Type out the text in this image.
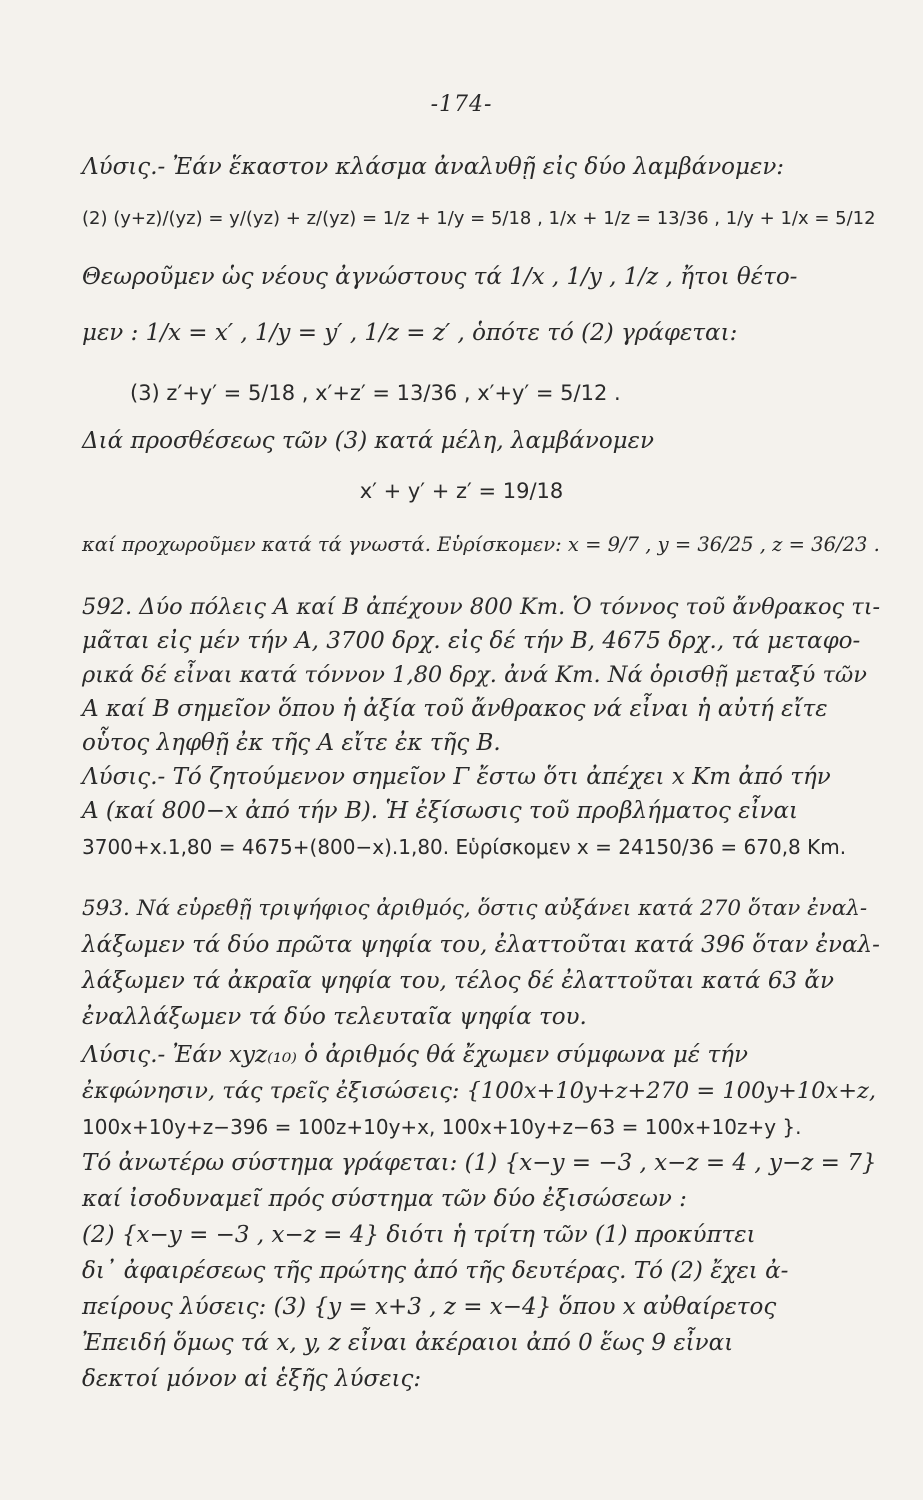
-174-
Λύσις.- Ἐάν ἕκαστον κλάσμα ἀναλυθῇ εἰς δύο λαμβάνομεν:
(2) (y+z)/(yz) = y/(yz) + z/(yz) = 1/z + 1/y = 5/18 , 1/x + 1/z = 13/36 , 1/y + 1/x = 5/12
Θεωροῦμεν ὡς νέους ἀγνώστους τά 1/x , 1/y , 1/z , ἤτοι θέτο-
μεν : 1/x = x′ , 1/y = y′ , 1/z = z′ , ὁπότε τό (2) γράφεται:
(3) z′+y′ = 5/18 , x′+z′ = 13/36 , x′+y′ = 5/12 .
Διά προσθέσεως τῶν (3) κατά μέλη, λαμβάνομεν
x′ + y′ + z′ = 19/18
καί προχωροῦμεν κατά τά γνωστά. Εὑρίσκομεν: x = 9/7 , y = 36/25 , z = 36/23 .
592. Δύο πόλεις Α καί Β ἀπέχουν 800 Km. Ὁ τόννος τοῦ ἄνθρακος τι-
μᾶται εἰς μέν τήν Α, 3700 δρχ. εἰς δέ τήν Β, 4675 δρχ., τά μεταφο-
ρικά δέ εἶναι κατά τόννον 1,80 δρχ. ἀνά Km. Νά ὁρισθῇ μεταξύ τῶν
Α καί Β σημεῖον ὅπου ἡ ἀξία τοῦ ἄνθρακος νά εἶναι ἡ αὐτή εἴτε
οὗτος ληφθῇ ἐκ τῆς Α εἴτε ἐκ τῆς Β.
Λύσις.- Τό ζητούμενον σημεῖον Γ ἔστω ὅτι ἀπέχει x Km ἀπό τήν
Α (καί 800−x ἀπό τήν Β). Ἡ ἐξίσωσις τοῦ προβλήματος εἶναι
3700+x.1,80 = 4675+(800−x).1,80. Εὑρίσκομεν x = 24150/36 = 670,8 Km.
593. Νά εὑρεθῇ τριψήφιος ἀριθμός, ὅστις αὐξάνει κατά 270 ὅταν ἐναλ-
λάξωμεν τά δύο πρῶτα ψηφία του, ἐλαττοῦται κατά 396 ὅταν ἐναλ-
λάξωμεν τά ἀκραῖα ψηφία του, τέλος δέ ἐλαττοῦται κατά 63 ἄν
ἐναλλάξωμεν τά δύο τελευταῖα ψηφία του.
Λύσις.- Ἐάν xyz₍₁₀₎ ὁ ἀριθμός θά ἔχωμεν σύμφωνα μέ τήν
ἐκφώνησιν, τάς τρεῖς ἐξισώσεις: {100x+10y+z+270 = 100y+10x+z,
100x+10y+z−396 = 100z+10y+x, 100x+10y+z−63 = 100x+10z+y }.
Τό ἀνωτέρω σύστημα γράφεται: (1) {x−y = −3 , x−z = 4 , y−z = 7}
καί ἰσοδυναμεῖ πρός σύστημα τῶν δύο ἐξισώσεων :
(2) {x−y = −3 , x−z = 4} διότι ἡ τρίτη τῶν (1) προκύπτει
δι᾽ ἀφαιρέσεως τῆς πρώτης ἀπό τῆς δευτέρας. Τό (2) ἔχει ἀ-
πείρους λύσεις: (3) {y = x+3 , z = x−4} ὅπου x αὐθαίρετος
Ἐπειδή ὅμως τά x, y, z εἶναι ἀκέραιοι ἀπό 0 ἕως 9 εἶναι
δεκτοί μόνον αἱ ἑξῆς λύσεις:
